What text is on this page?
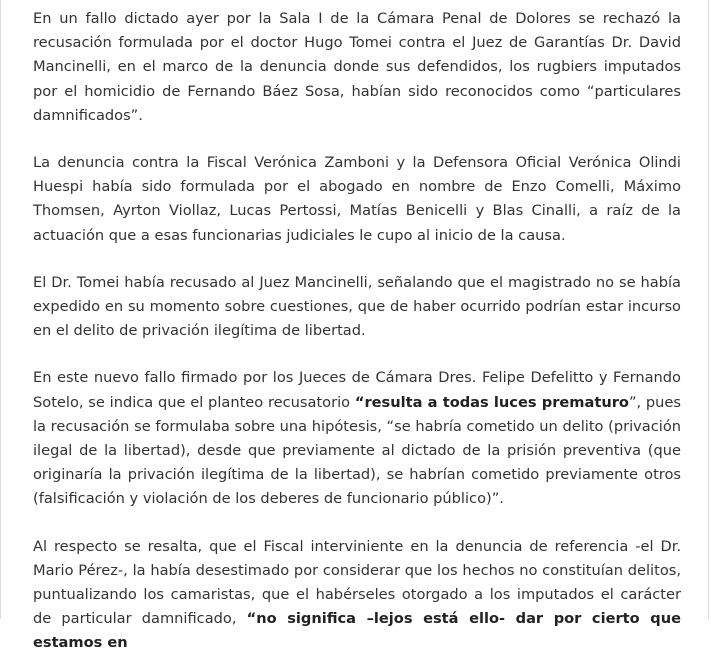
En un fallo dictado ayer por la Sala I de la Cámara Penal de Dolores se rechazó la recusación formulada por el doctor Hugo Tomei contra el Juez de Garantías Dr. David Mancinelli, en el marco de la denuncia donde sus defendidos, los rugbiers imputados por el homicidio de Fernando Báez Sosa, habían sido reconocidos como “particulares damnificados”.

La denuncia contra la Fiscal Verónica Zamboni y la Defensora Oficial Verónica Olindi Huespi había sido formulada por el abogado en nombre de Enzo Comelli, Máximo Thomsen, Ayrton Viollaz, Lucas Pertossi, Matías Benicelli y Blas Cinalli, a raíz de la actuación que a esas funcionarias judiciales le cupo al inicio de la causa.

El Dr. Tomei había recusado al Juez Mancinelli, señalando que el magistrado no se había expedido en su momento sobre cuestiones, que de haber ocurrido podrían estar incurso en el delito de privación ilegítima de libertad.

En este nuevo fallo firmado por los Jueces de Cámara Dres. Felipe Defelitto y Fernando Sotelo, se indica que el planteo recusatorio “resulta a todas luces prematuro”, pues la recusación se formulaba sobre una hipótesis, “se habría cometido un delito (privación ilegal de la libertad), desde que previamente al dictado de la prisión preventiva (que originaría la privación ilegítima de la libertad), se habrían cometido previamente otros (falsificación y violación de los deberes de funcionario público)”.

Al respecto se resalta, que el Fiscal interviniente en la denuncia de referencia -el Dr. Mario Pérez-, la había desestimado por considerar que los hechos no constituían delitos, puntualizando los camaristas, que el habérseles otorgado a los imputados el carácter de particular damnificado, “no significa –lejos está ello- dar por cierto que estamos en
